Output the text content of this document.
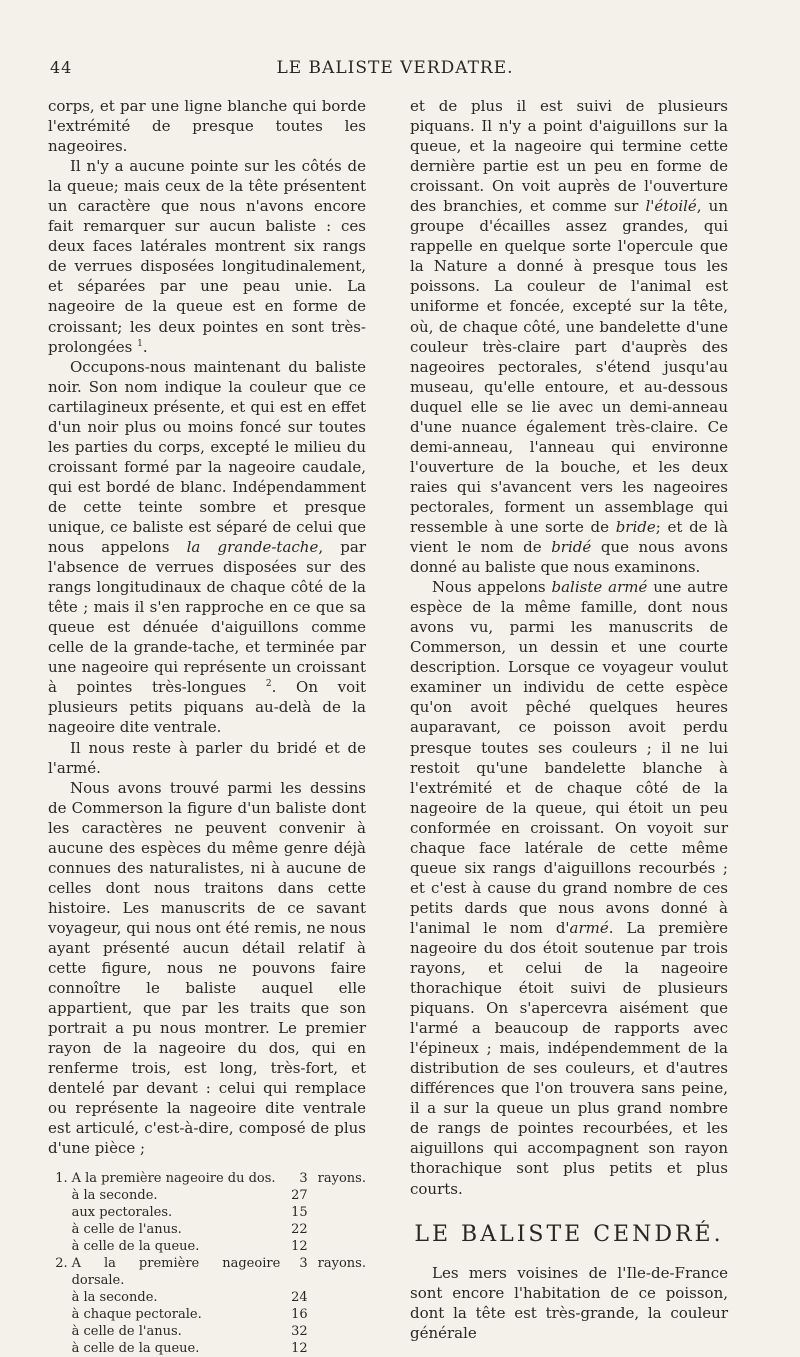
44	LE BALISTE VERDATRE.

corps, et par une ligne blanche qui borde l'extrémité de presque toutes les nageoires.

Il n'y a aucune pointe sur les côtés de la queue; mais ceux de la tête présentent un caractère que nous n'avons encore fait remarquer sur aucun baliste : ces deux faces latérales montrent six rangs de verrues disposées longitudinalement, et séparées par une peau unie. La nageoire de la queue est en forme de croissant; les deux pointes en sont très-prolongées $^1$.

Occupons-nous maintenant du baliste noir. Son nom indique la couleur que ce cartilagineux présente, et qui est en effet d'un noir plus ou moins foncé sur toutes les parties du corps, excepté le milieu du croissant formé par la nageoire caudale, qui est bordé de blanc. Indépendamment de cette teinte sombre et presque unique, ce baliste est séparé de celui que nous appelons la grande-tache, par l'absence de verrues disposées sur des rangs longitudinaux de chaque côté de la tête ; mais il s'en rapproche en ce que sa queue est dénuée d'aiguillons comme celle de la grande-tache, et terminée par une nageoire qui représente un croissant à pointes très-longues $^2$. On voit plusieurs petits piquans au-delà de la nageoire dite ventrale.

Il nous reste à parler du bridé et de l'armé.

Nous avons trouvé parmi les dessins de Commerson la figure d'un baliste dont les caractères ne peuvent convenir à aucune des espèces du même genre déjà connues des naturalistes, ni à aucune de celles dont nous traitons dans cette histoire. Les manuscrits de ce savant voyageur, qui nous ont été remis, ne nous ayant présenté aucun détail relatif à cette figure, nous ne pouvons faire connoître le baliste auquel elle appartient, que par les traits que son portrait a pu nous montrer. Le premier rayon de la nageoire du dos, qui en renferme trois, est long, très-fort, et dentelé par devant : celui qui remplace ou représente la nageoire dite ventrale est articulé, c'est-à-dire, composé de plus d'une pièce ;

1.	A la première nageoire du dos.	3	rayons.
	à la seconde.	27	
	aux pectorales.	15	
	à celle de l'anus.	22	
	à celle de la queue.	12	
2.	A la première nageoire dorsale.	3	rayons.
	à la seconde.	24	
	à chaque pectorale.	16	
	à celle de l'anus.	32	
	à celle de la queue.	12	

et de plus il est suivi de plusieurs piquans. Il n'y a point d'aiguillons sur la queue, et la nageoire qui termine cette dernière partie est un peu en forme de croissant. On voit auprès de l'ouverture des branchies, et comme sur l'étoilé, un groupe d'écailles assez grandes, qui rappelle en quelque sorte l'opercule que la Nature a donné à presque tous les poissons. La couleur de l'animal est uniforme et foncée, excepté sur la tête, où, de chaque côté, une bandelette d'une couleur très-claire part d'auprès des nageoires pectorales, s'étend jusqu'au museau, qu'elle entoure, et au-dessous duquel elle se lie avec un demi-anneau d'une nuance également très-claire. Ce demi-anneau, l'anneau qui environne l'ouverture de la bouche, et les deux raies qui s'avancent vers les nageoires pectorales, forment un assemblage qui ressemble à une sorte de bride; et de là vient le nom de bridé que nous avons donné au baliste que nous examinons.

Nous appelons baliste armé une autre espèce de la même famille, dont nous avons vu, parmi les manuscrits de Commerson, un dessin et une courte description. Lorsque ce voyageur voulut examiner un individu de cette espèce qu'on avoit pêché quelques heures auparavant, ce poisson avoit perdu presque toutes ses couleurs ; il ne lui restoit qu'une bandelette blanche à l'extrémité et de chaque côté de la nageoire de la queue, qui étoit un peu conformée en croissant. On voyoit sur chaque face latérale de cette même queue six rangs d'aiguillons recourbés ; et c'est à cause du grand nombre de ces petits dards que nous avons donné à l'animal le nom d'armé. La première nageoire du dos étoit soutenue par trois rayons, et celui de la nageoire thorachique étoit suivi de plusieurs piquans. On s'apercevra aisément que l'armé a beaucoup de rapports avec l'épineux ; mais, indépendemment de la distribution de ses couleurs, et d'autres différences que l'on trouvera sans peine, il a sur la queue un plus grand nombre de rangs de pointes recourbées, et les aiguillons qui accompagnent son rayon thorachique sont plus petits et plus courts.

LE BALISTE CENDRÉ.

Les mers voisines de l'Ile-de-France sont encore l'habitation de ce poisson, dont la tête est très-grande, la couleur générale
